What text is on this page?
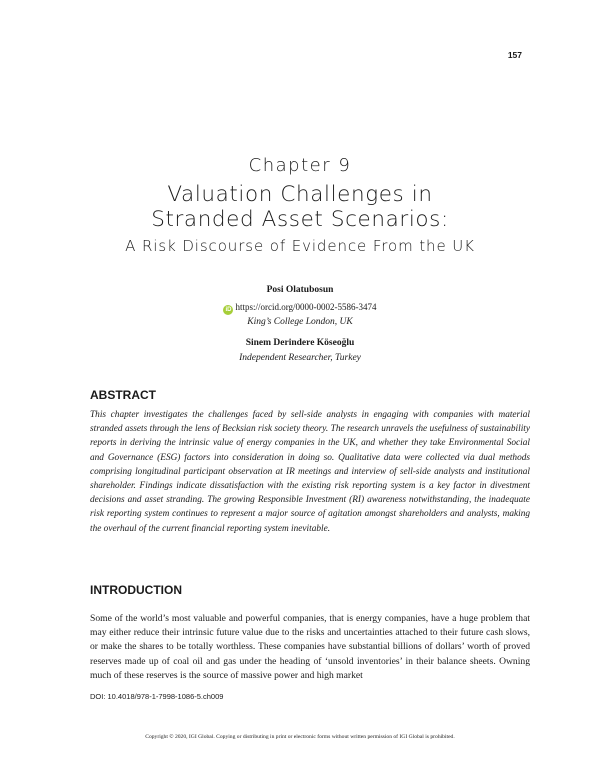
157
Chapter 9
Valuation Challenges in
Stranded Asset Scenarios:
A Risk Discourse of Evidence From the UK
Posi Olatubosun
iD https://orcid.org/0000-0002-5586-3474
King’s College London, UK
Sinem Derindere Köseoğlu
Independent Researcher, Turkey
ABSTRACT
This chapter investigates the challenges faced by sell-side analysts in engaging with companies with material stranded assets through the lens of Becksian risk society theory. The research unravels the usefulness of sustainability reports in deriving the intrinsic value of energy companies in the UK, and whether they take Environmental Social and Governance (ESG) factors into consideration in doing so. Qualitative data were collected via dual methods comprising longitudinal participant observation at IR meetings and interview of sell-side analysts and institutional shareholder. Findings indicate dissatisfaction with the existing risk reporting system is a key factor in divestment decisions and asset stranding. The growing Responsible Investment (RI) awareness notwithstanding, the inadequate risk reporting system continues to represent a major source of agitation amongst shareholders and analysts, making the overhaul of the current financial reporting system inevitable.
INTRODUCTION
Some of the world’s most valuable and powerful companies, that is energy companies, have a huge problem that may either reduce their intrinsic future value due to the risks and uncertainties attached to their future cash slows, or make the shares to be totally worthless. These companies have substantial billions of dollars’ worth of proved reserves made up of coal oil and gas under the heading of ‘unsold inventories’ in their balance sheets. Owning much of these reserves is the source of massive power and high market
DOI: 10.4018/978-1-7998-1086-5.ch009
Copyright © 2020, IGI Global. Copying or distributing in print or electronic forms without written permission of IGI Global is prohibited.
